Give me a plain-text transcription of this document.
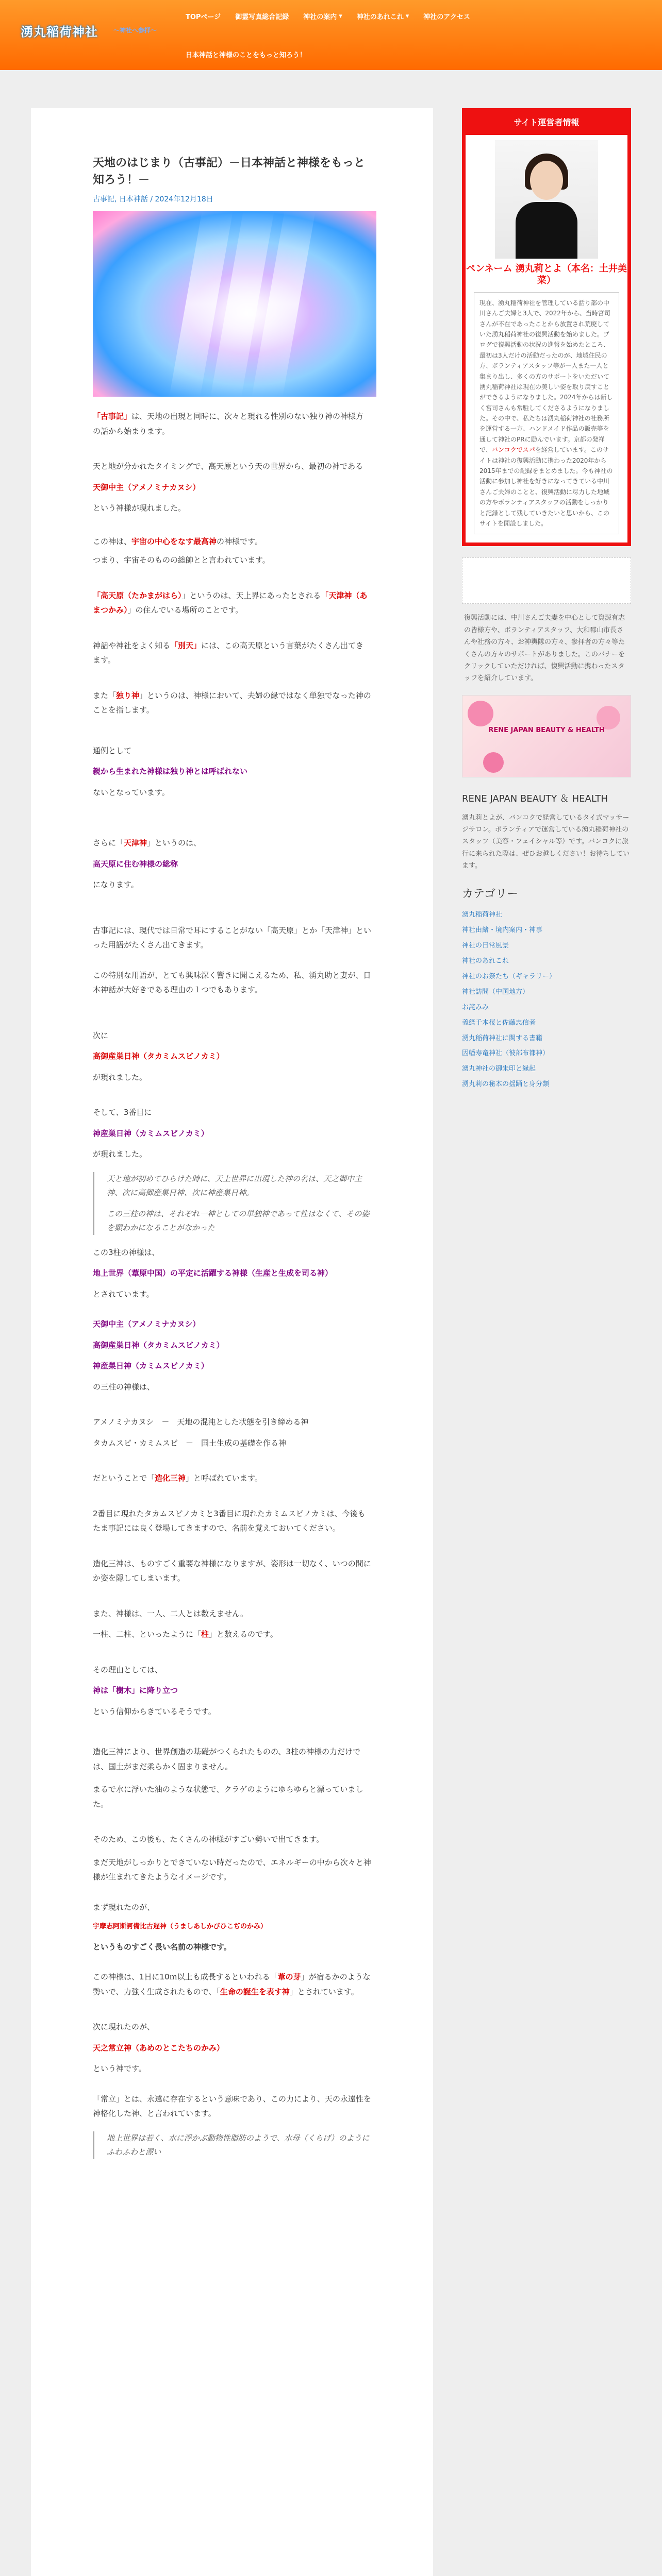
湧丸稲荷神社	～神社へ参拝～
TOPページ 御霊写真総合記録 神社の案内 ▾ 神社のあれこれ ▾ 神社のアクセス
日本神話と神様のことをもっと知ろう！
天地のはじまり（古事記）－日本神話と神様をもっと知ろう！－
古事記, 日本神話 / 2024年12月18日
「古事記」は、天地の出現と同時に、次々と現れる性別のない独り神の神様方の話から始まります。
天と地が分かれたタイミングで、高天原という天の世界から、最初の神である
天御中主（アメノミナカヌシ）
という神様が現れました。
この神は、宇宙の中心をなす最高神の神様です。
つまり、宇宙そのものの総帥とと言われています。
「高天原（たかまがはら）」というのは、天上界にあったとされる「天津神（あまつかみ）」の住んでいる場所のことです。
神話や神社をよく知る「別天」には、この高天原という言葉がたくさん出てきます。
また「独り神」というのは、神様において、夫婦の縁ではなく単独でなった神のことを指します。
通例として
親から生まれた神様は独り神とは呼ばれない
ないとなっています。
さらに「天津神」というのは、
高天原に住む神様の総称
になります。
古事記には、現代では日常で耳にすることがない「高天原」とか「天津神」といった用語がたくさん出てきます。
この特別な用語が、とても興味深く響きに聞こえるため、私、湧丸助と妻が、日本神話が大好きである理由の１つでもあります。
次に
高御産巣日神（タカミムスビノカミ）
が現れました。
そして、3番目に
神産巣日神（カミムスビノカミ）
が現れました。
天と地が初めてひらけた時に、天上世界に出現した神の名は、天之御中主神、次に高御産巣日神、次に神産巣日神。
この三柱の神は、それぞれ一神としての単独神であって性はなくて、その姿を顕わかになることがなかった
この3柱の神様は、
地上世界（葦原中国）の平定に活躍する神様（生産と生成を司る神）
とされています。
天御中主（アメノミナカヌシ）
高御産巣日神（タカミムスビノカミ）
神産巣日神（カミムスビノカミ）
の三柱の神様は、
アメノミナカヌシ　－　天地の混沌とした状態を引き締める神
タカムスビ・カミムスビ　－　国土生成の基礎を作る神
だということで「造化三神」と呼ばれています。
2番目に現れたタカムスビノカミと3番目に現れたカミムスビノカミは、今後もたま事記には良く登場してきますので、名前を覚えておいてください。
造化三神は、ものすごく重要な神様になりますが、姿形は一切なく、いつの間にか姿を隠してしまいます。
また、神様は、一人、二人とは数えません。
一柱、二柱、といったように「柱」と数えるのです。
その理由としては、
神は「樹木」に降り立つ
という信仰からきているそうです。
造化三神により、世界創造の基礎がつくられたものの、3柱の神様の力だけでは、国土がまだ柔らかく固まりません。
まるで水に浮いた油のような状態で、クラゲのようにゆらゆらと漂っていました。
そのため、この後も、たくさんの神様がすごい勢いで出てきます。
まだ天地がしっかりとできていない時だったので、エネルギーの中から次々と神様が生まれてきたようなイメージです。
まず現れたのが、
宇摩志阿斯訶備比古遅神（うましあしかびひこぢのかみ）
というものすごく長い名前の神様です。
この神様は、1日に10ｍ以上も成長するといわれる「葦の芽」が宿るかのような勢いで、力強く生成されたもので、「生命の誕生を表す神」とされています。
次に現れたのが、
天之常立神（あめのとこたちのかみ）
という神です。
「常立」とは、永遠に存在するという意味であり、この力により、天の永遠性を神格化した神、と言われています。
地上世界は若く、水に浮かぶ動物性脂肪のようで、水母（くらげ）のようにふわふわと漂い
サイト運営者情報
ペンネーム 湧丸莉とよ（本名：土井美菜）
現在、湧丸稲荷神社を管理している話り部の中川さんご夫婦と3人で、2022年から、当時宮司さんが不在であったことから放置され荒廃していた湧丸稲荷神社の復興活動を始めました。ブログで復興活動の状況の進報を始めたところ、最初は3人だけの活動だったのが、地域住民の方、ボランティアスタッフ等が一人また一人と集まり出し、多くの方のサポートをいただいて湧丸稲荷神社は現在の美しい姿を取り戻すことができるようになりました。2024年からは新しく宮司さんも常駐してくださるようになりました。その中で、私たちは湧丸稲荷神社の社務所を運営する一方、ハンドメイド作品の販売等を通して神社のPRに励んでいます。京都の発祥で、バンコクでスパを経営しています。このサイトは神社の復興活動に携わった2020年から2015年までの記録をまとめました。今も神社の活動に参加し神社を好きになってきている中川さんご夫婦のことと、復興活動に尽力した地域の方やボランティアスタッフの活動をしっかりと記録として残していきたいと思いから、このサイトを開設しました。
復興活動には、中川さんご夫妻を中心として資源有志の皆様方や、ボランティアスタッフ、大和郡山市長さんや社務の方々、お神輿隊の方々、参拝者の方々等たくさんの方々のサポートがありました。このバナーをクリックしていただければ、復興活動に携わったスタッフを紹介しています。
RENE JAPAN BEAUTY & HEALTH
RENE JAPAN BEAUTY ＆ HEALTH
湧丸莉とよが、バンコクで経営しているタイ式マッサージサロン。ボランティアで運営している湧丸稲荷神社のスタッフ（美容・フェイシャル等）です。バンコクに旅行に来られた際は、ぜひお越しください！お待ちしています。
カテゴリー
湧丸稲荷神社
神社由緒・境内案内・神事
神社の日常風景
神社のあれこれ
神社のお祭たち（ギャラリー）
神社訪問（中国地方）
お詫みみ
義経千本桜と佐藤忠信者
湧丸稲荷神社に関する書籍
因幡寿竜神社（彼部布都神）
湧丸神社の御朱印と縁起
湧丸莉の秘本の揺踊と身分類
